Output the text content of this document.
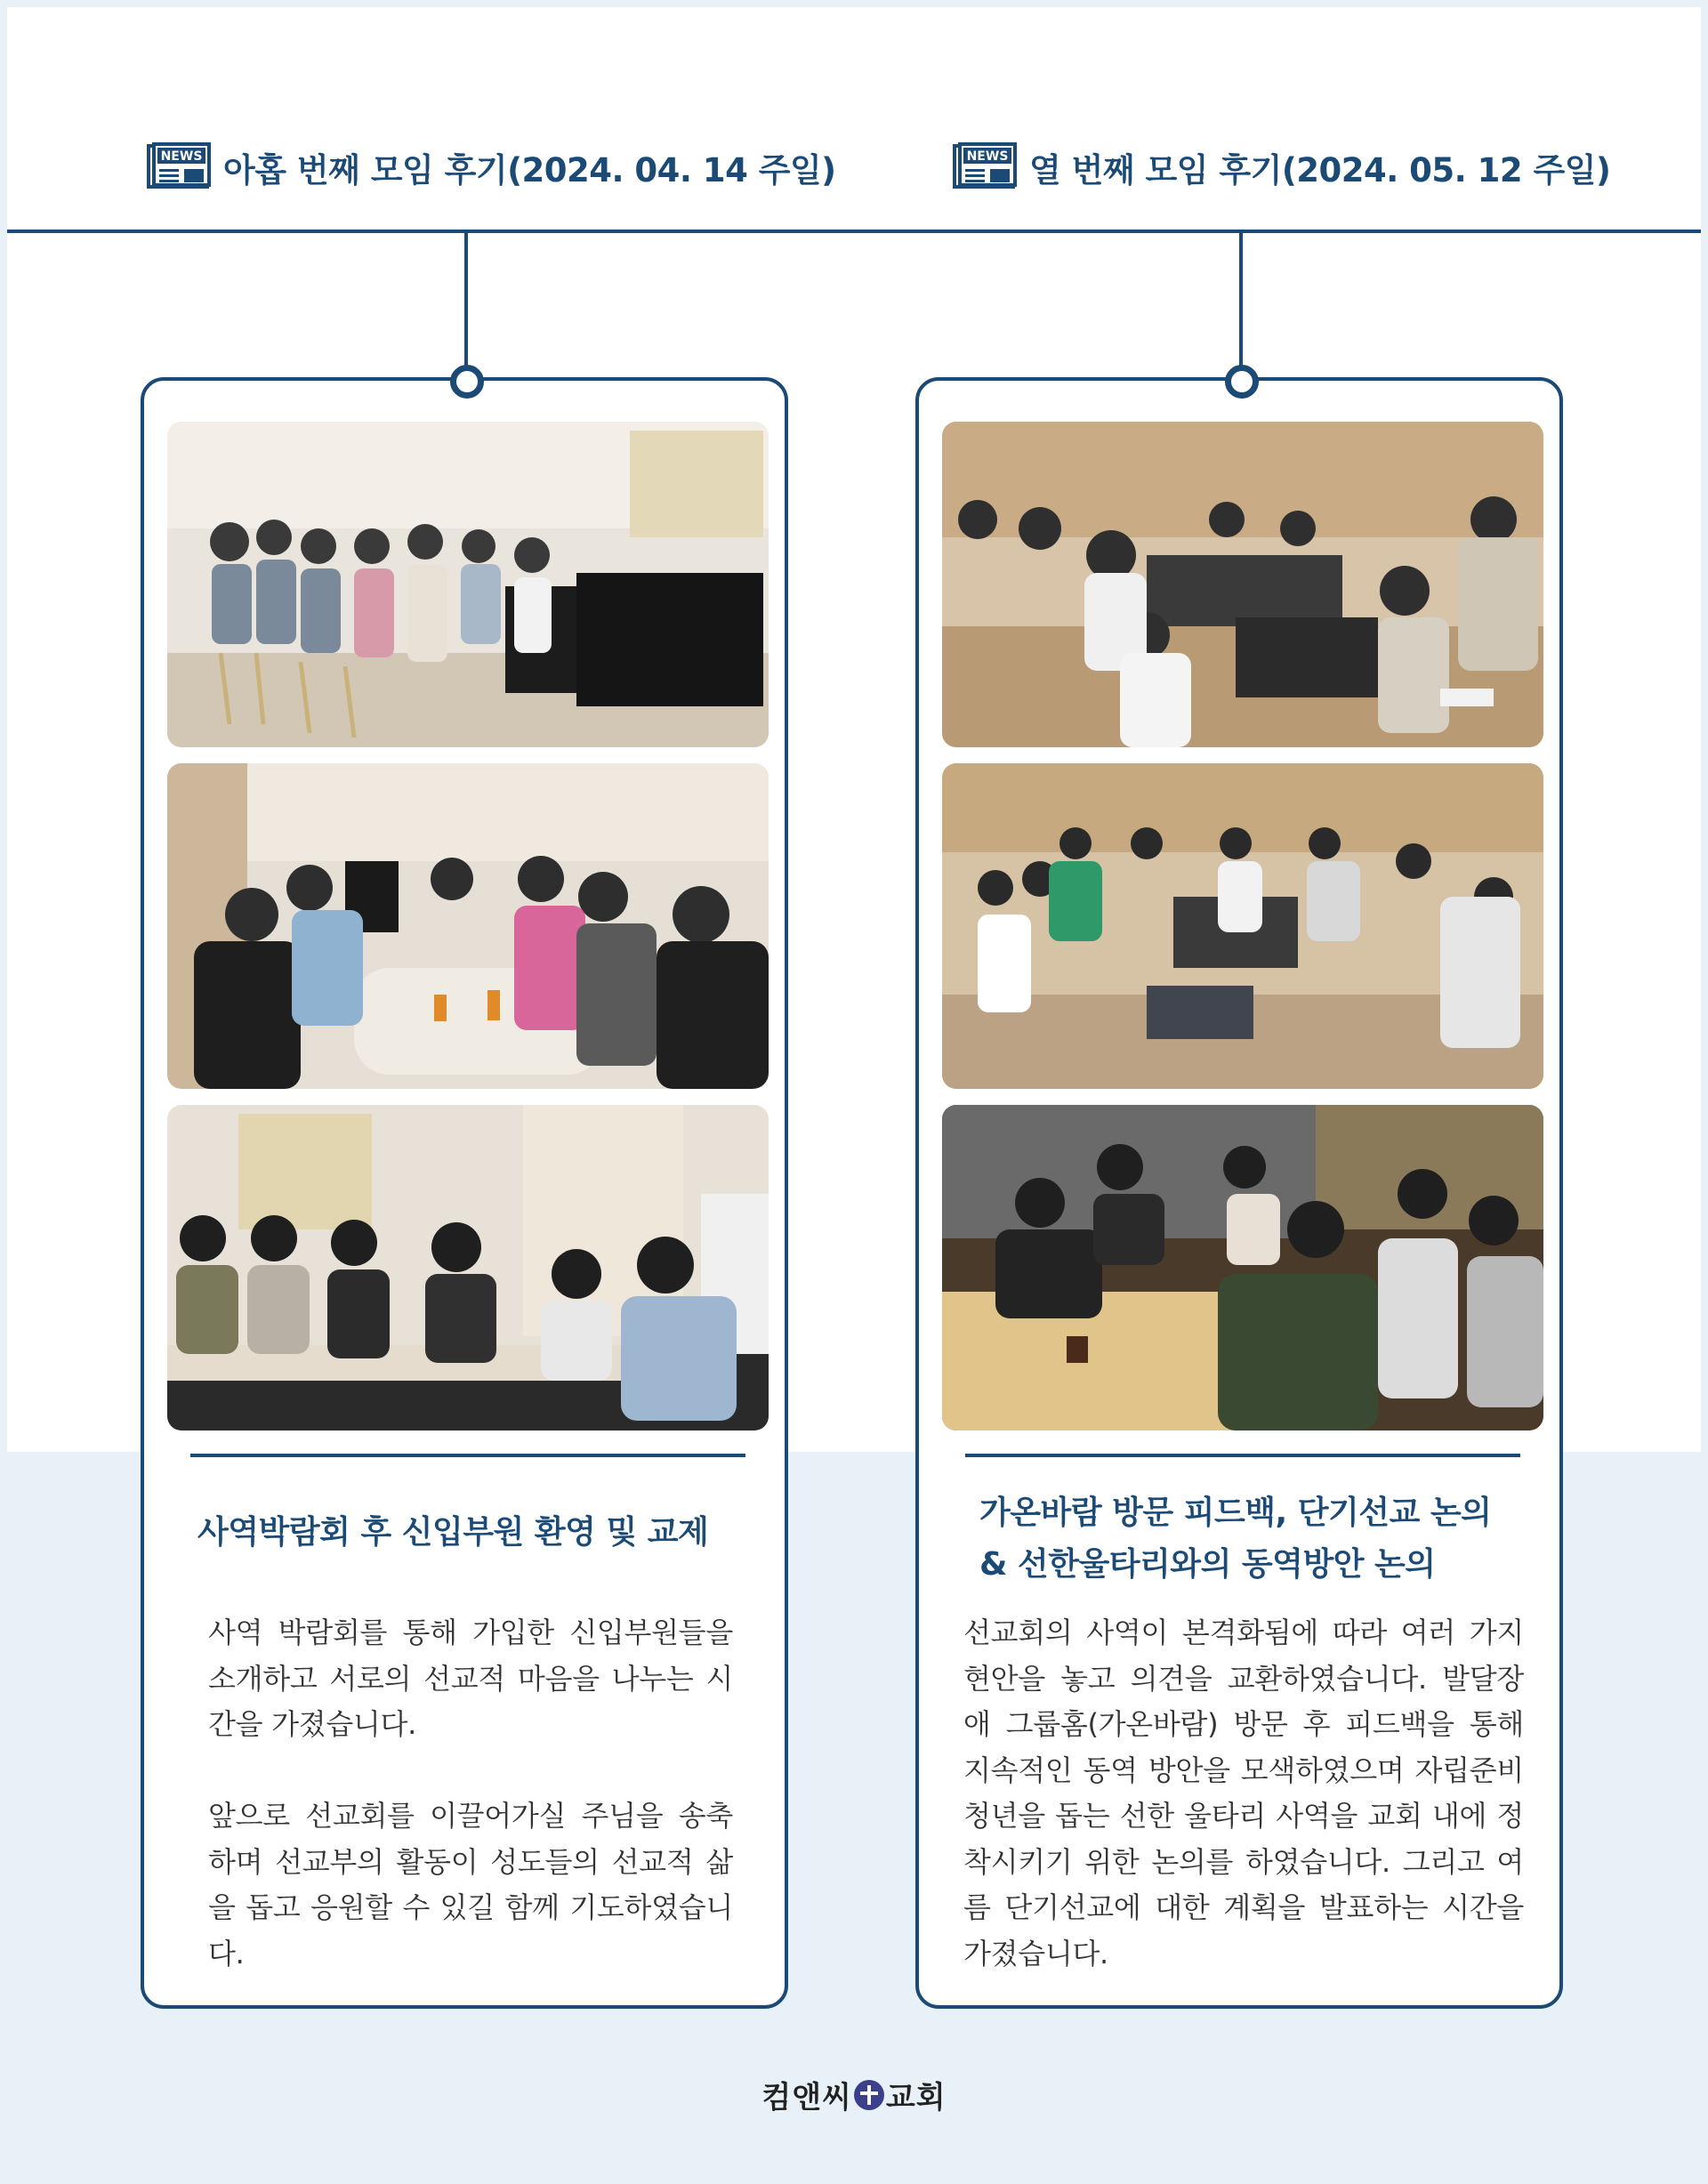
NEWS 아홉 번째 모임 후기(2024. 04. 14 주일)	NEWS 열 번째 모임 후기(2024. 05. 12 주일)
사역박람회 후 신입부원 환영 및 교제

사역 박람회를 통해 가입한 신입부원들을 소개하고 서로의 선교적 마음을 나누는 시간을 가졌습니다.

앞으로 선교회를 이끌어가실 주님을 송축하며 선교부의 활동이 성도들의 선교적 삶을 돕고 응원할 수 있길 함께 기도하였습니다.

가온바람 방문 피드백, 단기선교 논의
& 선한울타리와의 동역방안 논의

선교회의 사역이 본격화됨에 따라 여러 가지 현안을 놓고 의견을 교환하였습니다. 발달장애 그룹홈(가온바람) 방문 후 피드백을 통해 지속적인 동역 방안을 모색하였으며 자립준비 청년을 돕는 선한 울타리 사역을 교회 내에 정착시키기 위한 논의를 하였습니다. 그리고 여름 단기선교에 대한 계획을 발표하는 시간을 가졌습니다.

컴앤씨 교회
